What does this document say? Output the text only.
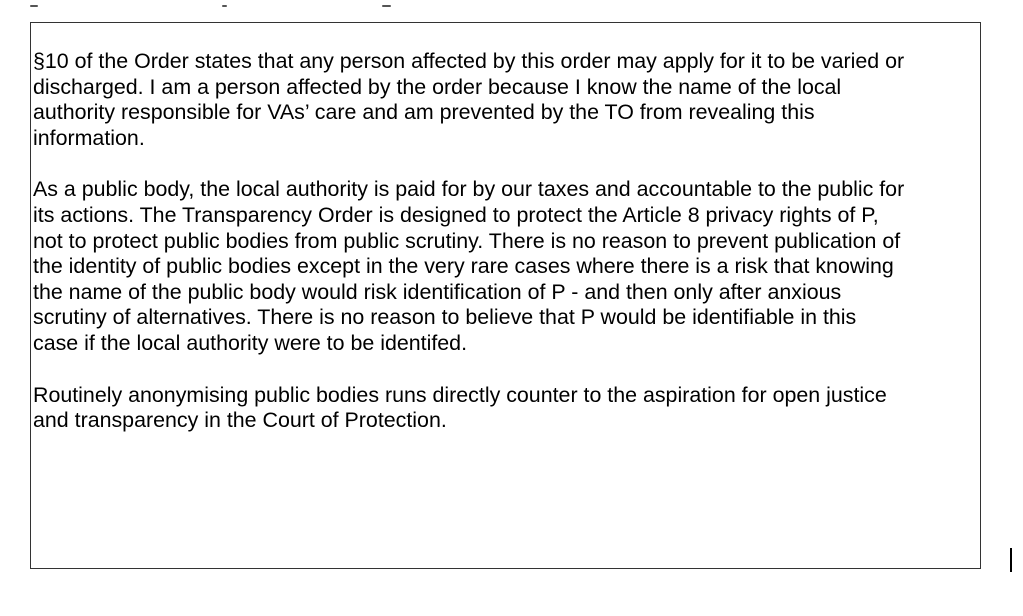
§10 of the Order states that any person affected by this order may apply for it to be varied or
discharged. I am a person affected by the order because I know the name of the local
authority responsible for VAs’ care and am prevented by the TO from revealing this
information.

As a public body, the local authority is paid for by our taxes and accountable to the public for
its actions. The Transparency Order is designed to protect the Article 8 privacy rights of P,
not to protect public bodies from public scrutiny. There is no reason to prevent publication of
the identity of public bodies except in the very rare cases where there is a risk that knowing
the name of the public body would risk identification of P - and then only after anxious
scrutiny of alternatives. There is no reason to believe that P would be identifiable in this
case if the local authority were to be identifed.

Routinely anonymising public bodies runs directly counter to the aspiration for open justice
and transparency in the Court of Protection.
